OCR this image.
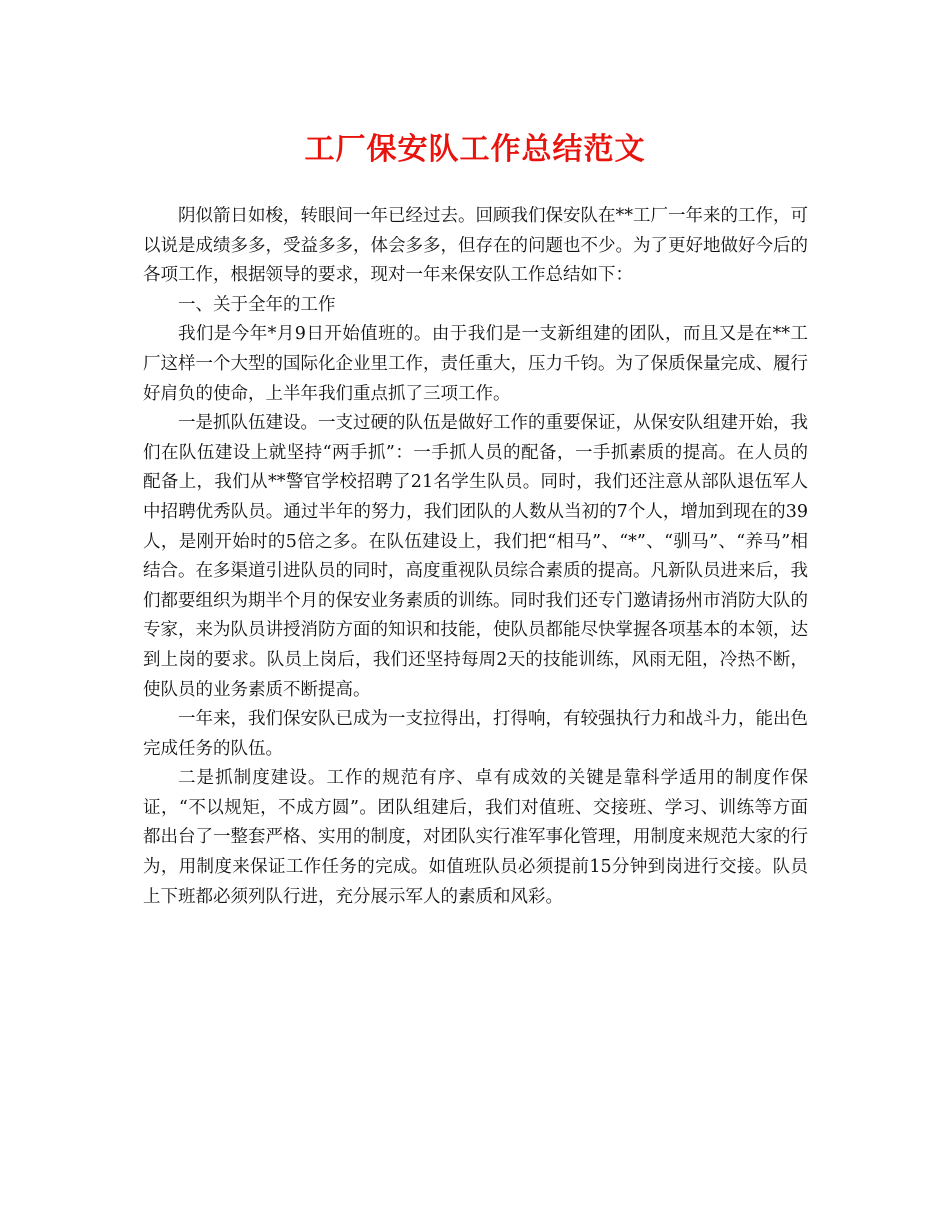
工厂保安队工作总结范文

阴似箭日如梭，转眼间一年已经过去。回顾我们保安队在**工厂一年来的工作，可以说是成绩多多，受益多多，体会多多，但存在的问题也不少。为了更好地做好今后的各项工作，根据领导的要求，现对一年来保安队工作总结如下：

一、关于全年的工作

我们是今年*月9日开始值班的。由于我们是一支新组建的团队，而且又是在**工厂这样一个大型的国际化企业里工作，责任重大，压力千钧。为了保质保量完成、履行好肩负的使命，上半年我们重点抓了三项工作。

一是抓队伍建设。一支过硬的队伍是做好工作的重要保证，从保安队组建开始，我们在队伍建设上就坚持“两手抓”：一手抓人员的配备，一手抓素质的提高。在人员的配备上，我们从**警官学校招聘了21名学生队员。同时，我们还注意从部队退伍军人中招聘优秀队员。通过半年的努力，我们团队的人数从当初的7个人，增加到现在的39人，是刚开始时的5倍之多。在队伍建设上，我们把“相马”、“*”、“驯马”、“养马”相结合。在多渠道引进队员的同时，高度重视队员综合素质的提高。凡新队员进来后，我们都要组织为期半个月的保安业务素质的训练。同时我们还专门邀请扬州市消防大队的专家，来为队员讲授消防方面的知识和技能，使队员都能尽快掌握各项基本的本领，达到上岗的要求。队员上岗后，我们还坚持每周2天的技能训练，风雨无阻，冷热不断，使队员的业务素质不断提高。

一年来，我们保安队已成为一支拉得出，打得响，有较强执行力和战斗力，能出色完成任务的队伍。

二是抓制度建设。工作的规范有序、卓有成效的关键是靠科学适用的制度作保证，“不以规矩，不成方圆”。团队组建后，我们对值班、交接班、学习、训练等方面都出台了一整套严格、实用的制度，对团队实行准军事化管理，用制度来规范大家的行为，用制度来保证工作任务的完成。如值班队员必须提前15分钟到岗进行交接。队员上下班都必须列队行进，充分展示军人的素质和风彩。
